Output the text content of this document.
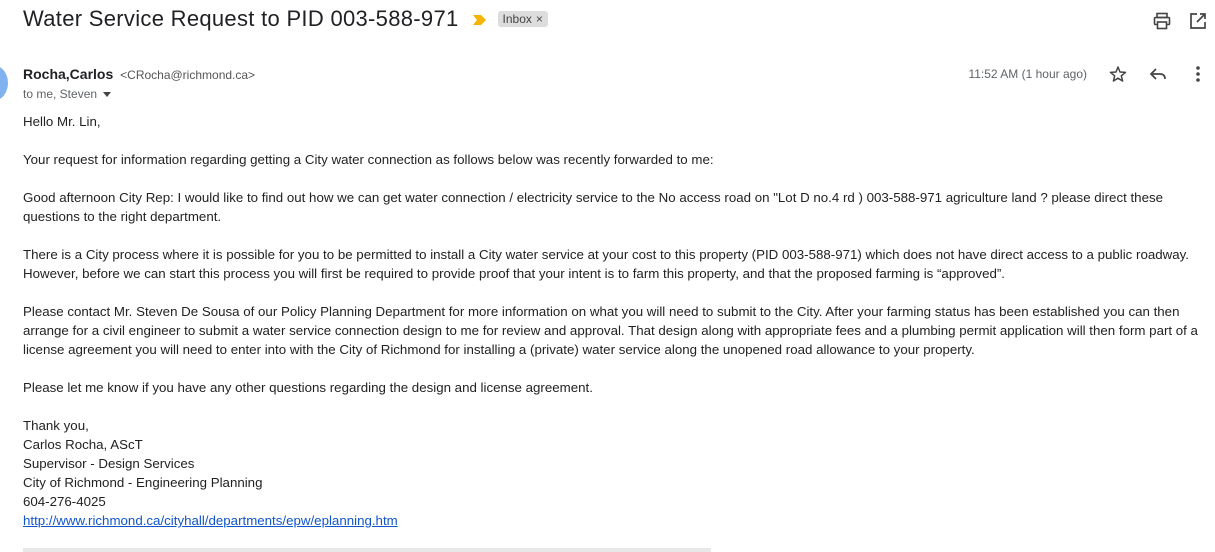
Water Service Request to PID 003-588-971	Inbox ×
Rocha,Carlos <CRocha@richmond.ca>
to me, Steven
11:52 AM (1 hour ago)

Hello Mr. Lin,

Your request for information regarding getting a City water connection as follows below was recently forwarded to me:

Good afternoon City Rep: I would like to find out how we can get water connection / electricity service to the No access road on "Lot D no.4 rd ) 003-588-971 agriculture land ? please direct these questions to the right department.

There is a City process where it is possible for you to be permitted to install a City water service at your cost to this property (PID 003-588-971) which does not have direct access to a public roadway. However, before we can start this process you will first be required to provide proof that your intent is to farm this property, and that the proposed farming is “approved”.

Please contact Mr. Steven De Sousa of our Policy Planning Department for more information on what you will need to submit to the City. After your farming status has been established you can then arrange for a civil engineer to submit a water service connection design to me for review and approval. That design along with appropriate fees and a plumbing permit application will then form part of a license agreement you will need to enter into with the City of Richmond for installing a (private) water service along the unopened road allowance to your property.

Please let me know if you have any other questions regarding the design and license agreement.

Thank you,
Carlos Rocha, AScT
Supervisor - Design Services
City of Richmond - Engineering Planning
604-276-4025
http://www.richmond.ca/cityhall/departments/epw/eplanning.htm
